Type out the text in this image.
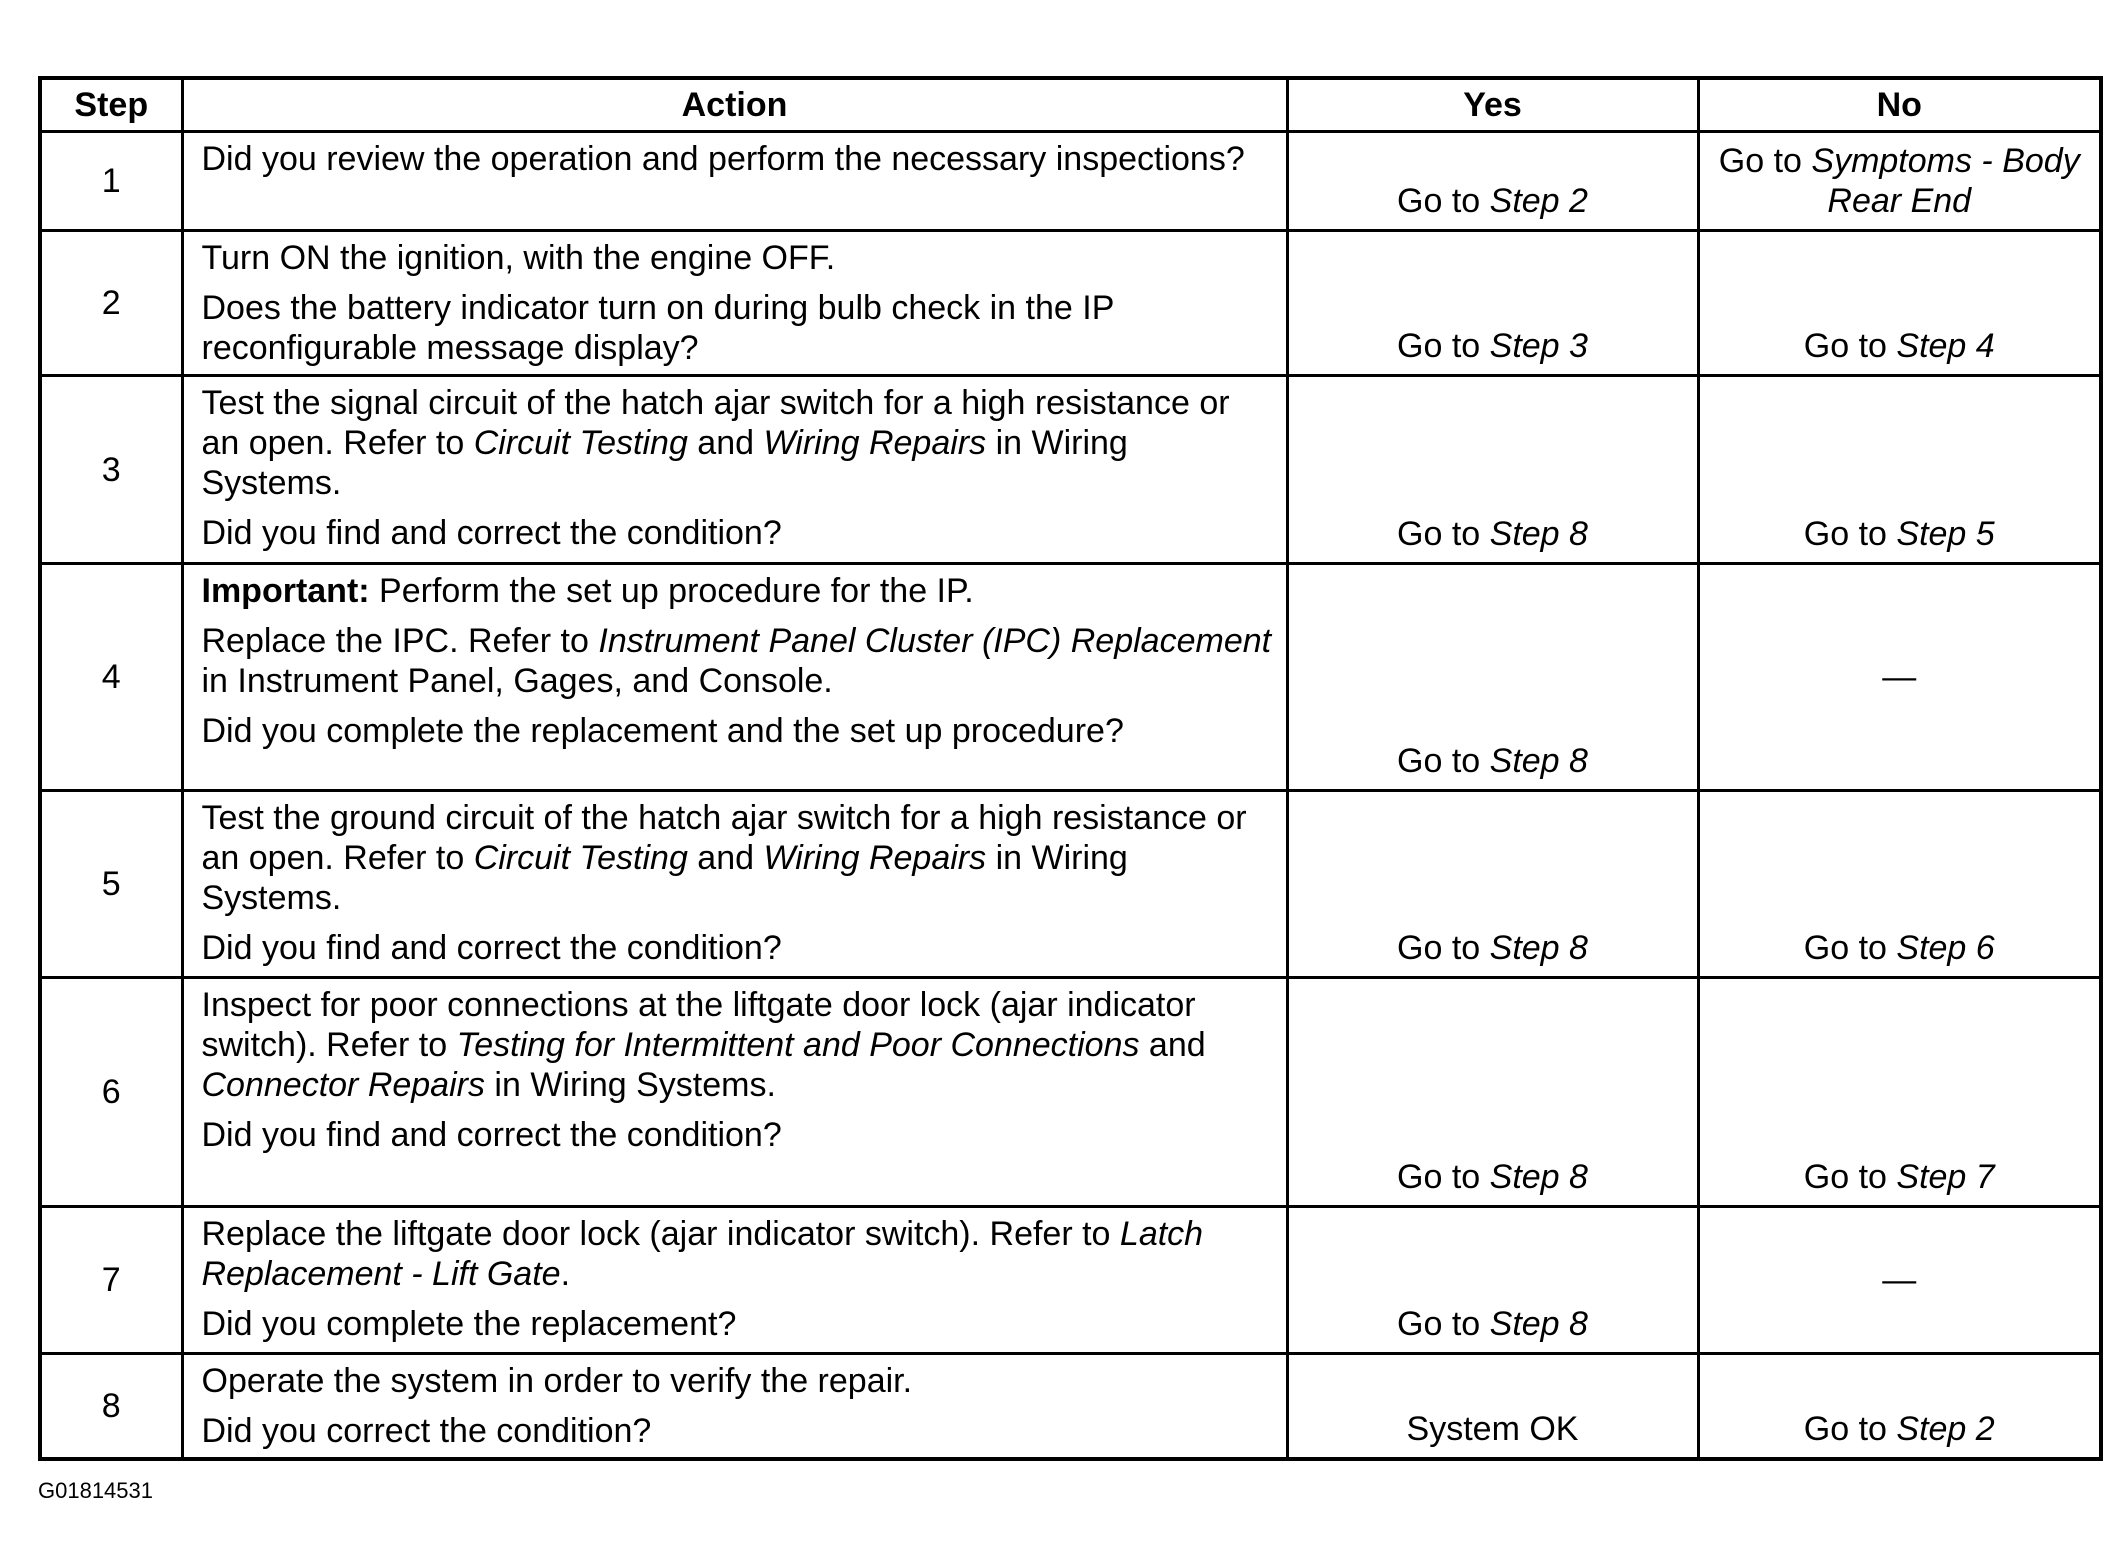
Step	Action	Yes	No
1	Did you review the operation and perform the necessary inspections?	Go to Step 2	Go to Symptoms - Body Rear End
2	Turn ON the ignition, with the engine OFF.
Does the battery indicator turn on during bulb check in the IP reconfigurable message display?	Go to Step 3	Go to Step 4
3	Test the signal circuit of the hatch ajar switch for a high resistance or an open. Refer to Circuit Testing and Wiring Repairs in Wiring Systems.
Did you find and correct the condition?	Go to Step 8	Go to Step 5
4	Important: Perform the set up procedure for the IP.
Replace the IPC. Refer to Instrument Panel Cluster (IPC) Replacement in Instrument Panel, Gages, and Console.
Did you complete the replacement and the set up procedure?	Go to Step 8	—
5	Test the ground circuit of the hatch ajar switch for a high resistance or an open. Refer to Circuit Testing and Wiring Repairs in Wiring Systems.
Did you find and correct the condition?	Go to Step 8	Go to Step 6
6	Inspect for poor connections at the liftgate door lock (ajar indicator switch). Refer to Testing for Intermittent and Poor Connections and Connector Repairs in Wiring Systems.
Did you find and correct the condition?	Go to Step 8	Go to Step 7
7	Replace the liftgate door lock (ajar indicator switch). Refer to Latch Replacement - Lift Gate.
Did you complete the replacement?	Go to Step 8	—
8	Operate the system in order to verify the repair.
Did you correct the condition?	System OK	Go to Step 2
G01814531
